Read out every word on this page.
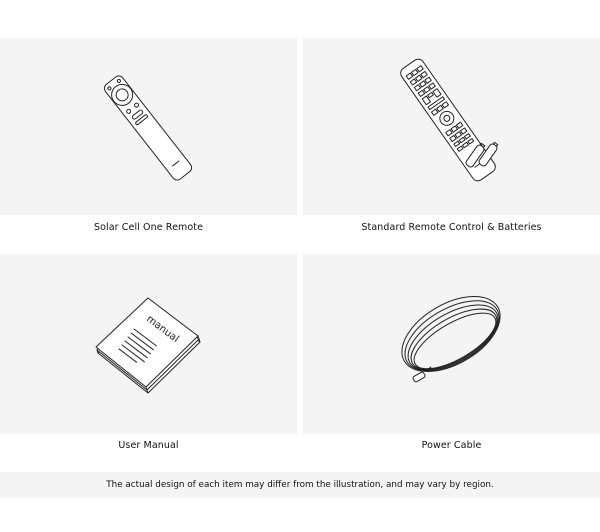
manual
Solar Cell One Remote	Standard Remote Control & Batteries
User Manual	Power Cable
The actual design of each item may differ from the illustration, and may vary by region.
